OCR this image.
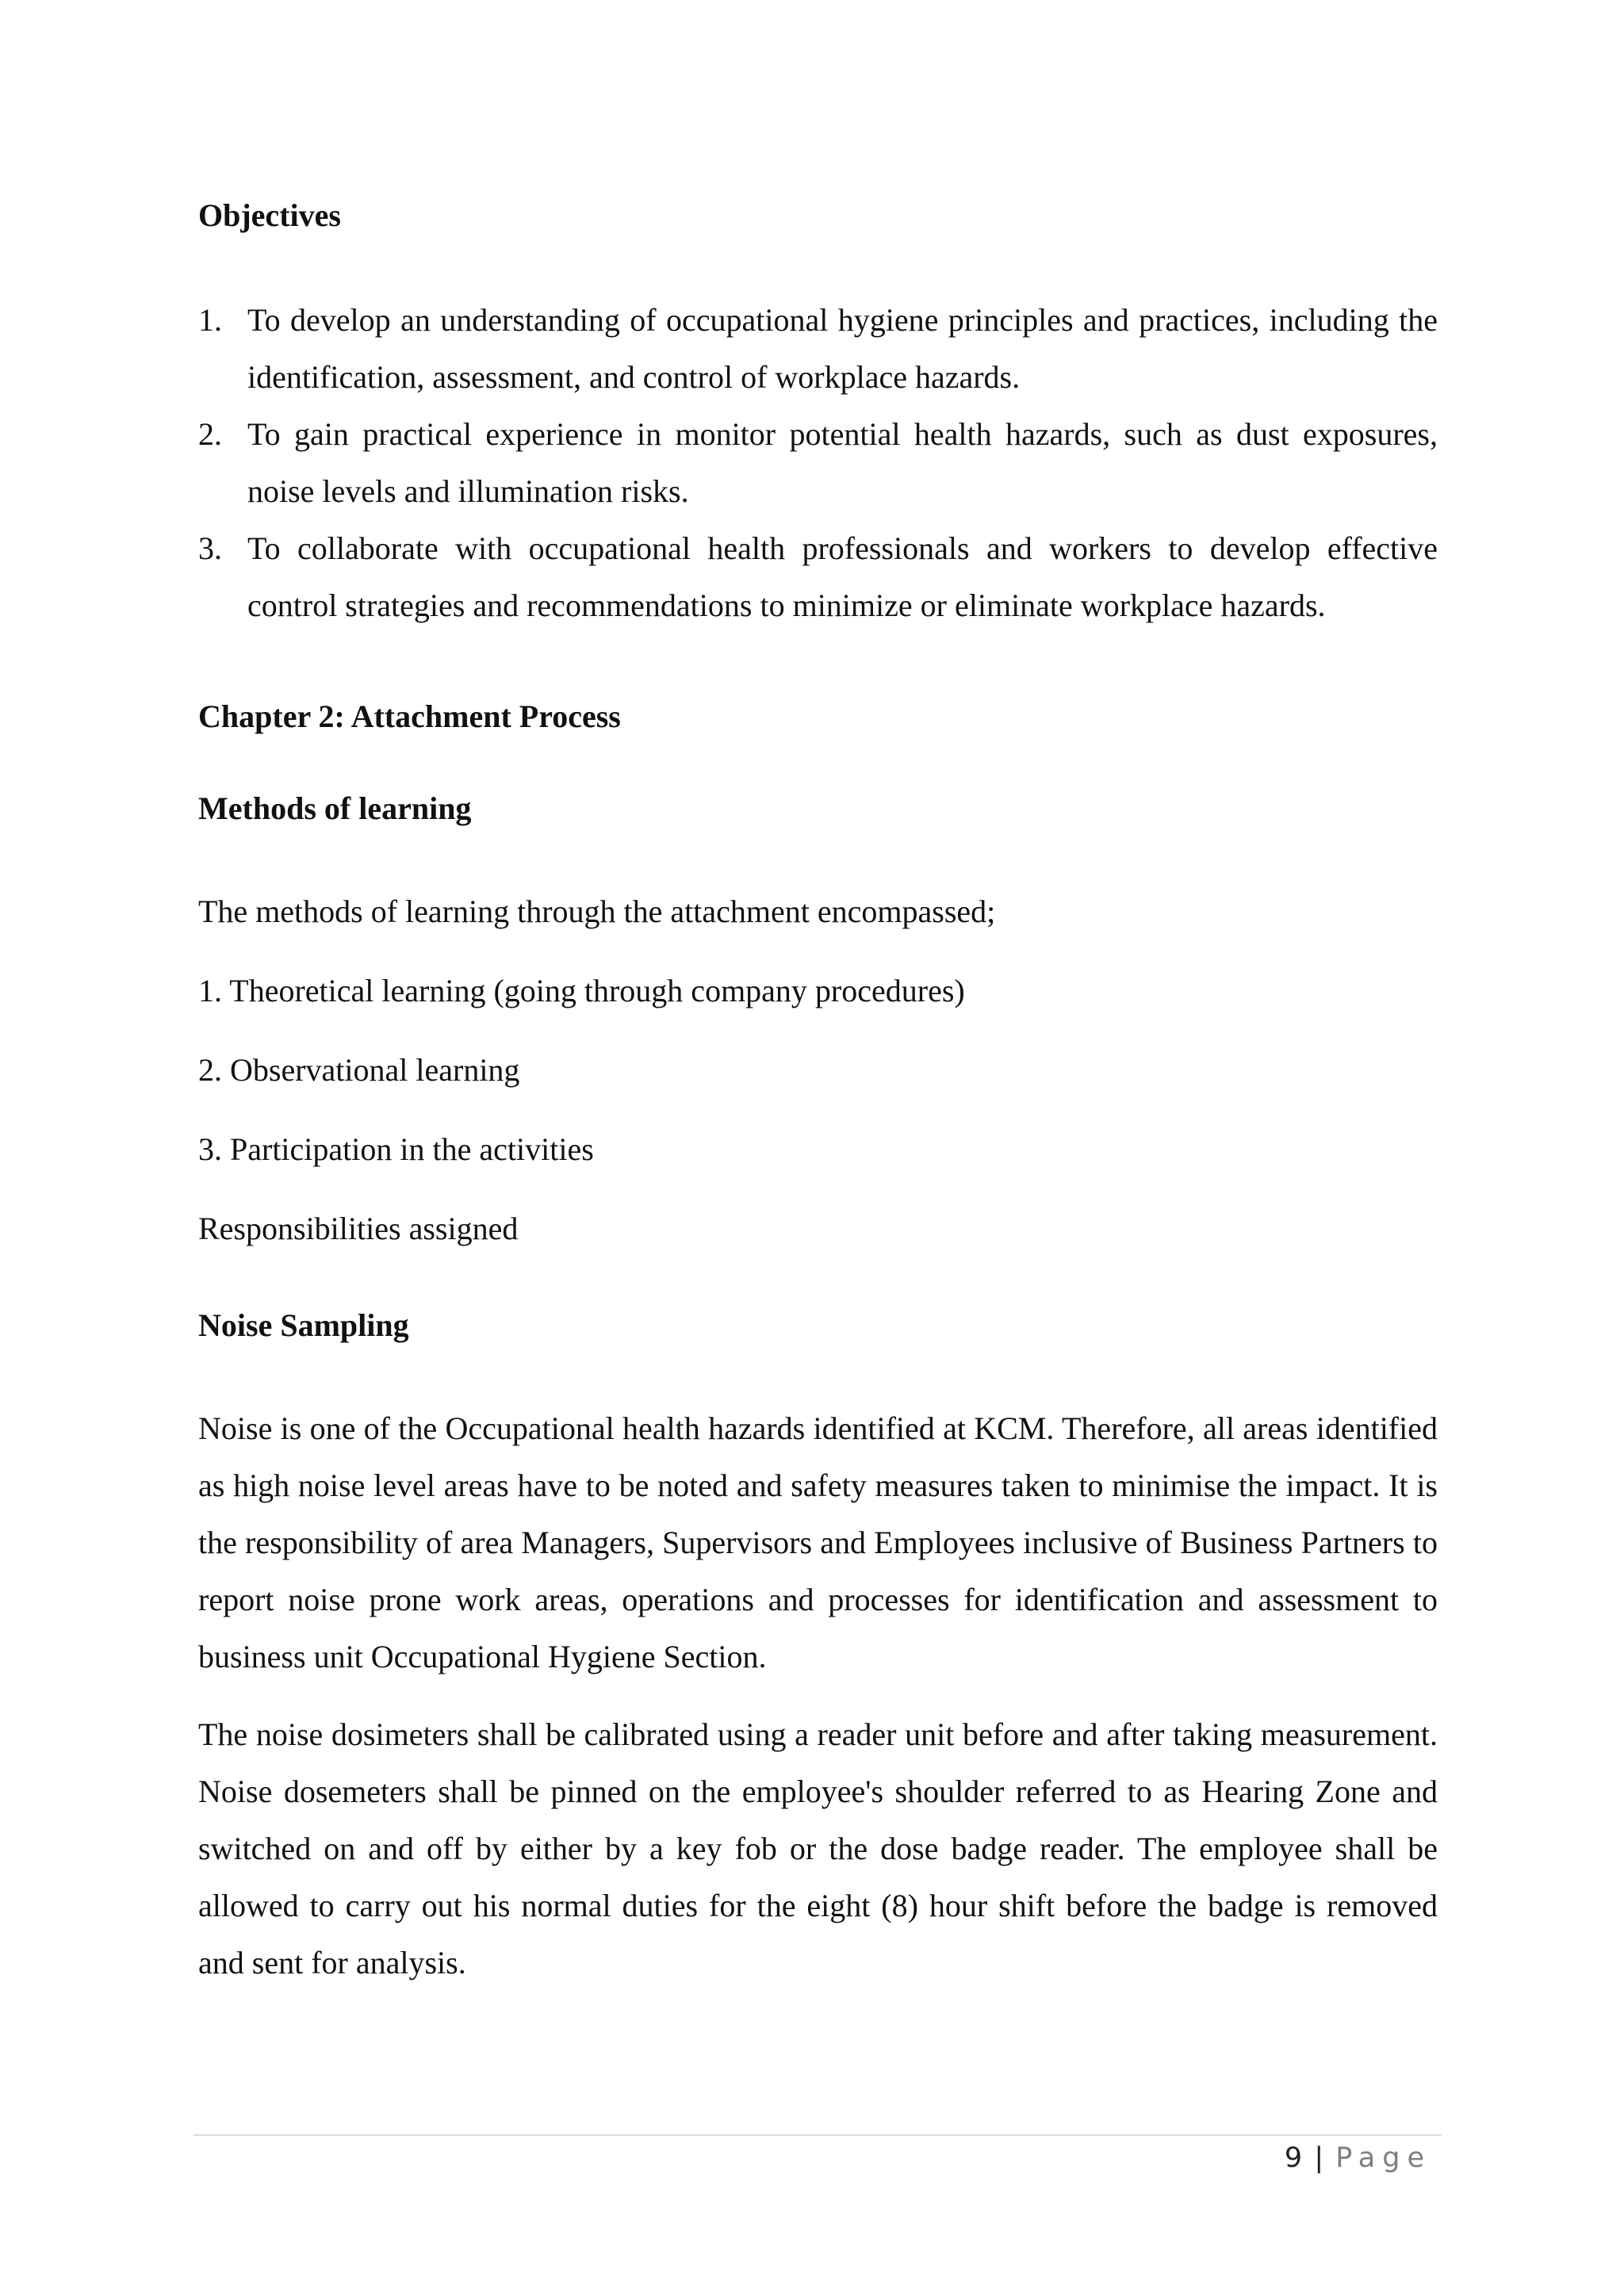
Objectives

1. To develop an understanding of occupational hygiene principles and practices, including the identification, assessment, and control of workplace hazards.
2. To gain practical experience in monitor potential health hazards, such as dust exposures, noise levels and illumination risks.
3. To collaborate with occupational health professionals and workers to develop effective control strategies and recommendations to minimize or eliminate workplace hazards.

Chapter 2: Attachment Process

Methods of learning

The methods of learning through the attachment encompassed;

1. Theoretical learning (going through company procedures)

2. Observational learning

3. Participation in the activities

Responsibilities assigned

Noise Sampling

Noise is one of the Occupational health hazards identified at KCM. Therefore, all areas identified as high noise level areas have to be noted and safety measures taken to minimise the impact. It is the responsibility of area Managers, Supervisors and Employees inclusive of Business Partners to report noise prone work areas, operations and processes for identification and assessment to business unit Occupational Hygiene Section.

The noise dosimeters shall be calibrated using a reader unit before and after taking measurement. Noise dosemeters shall be pinned on the employee's shoulder referred to as Hearing Zone and switched on and off by either by a key fob or the dose badge reader. The employee shall be allowed to carry out his normal duties for the eight (8) hour shift before the badge is removed and sent for analysis.

9 | Page
